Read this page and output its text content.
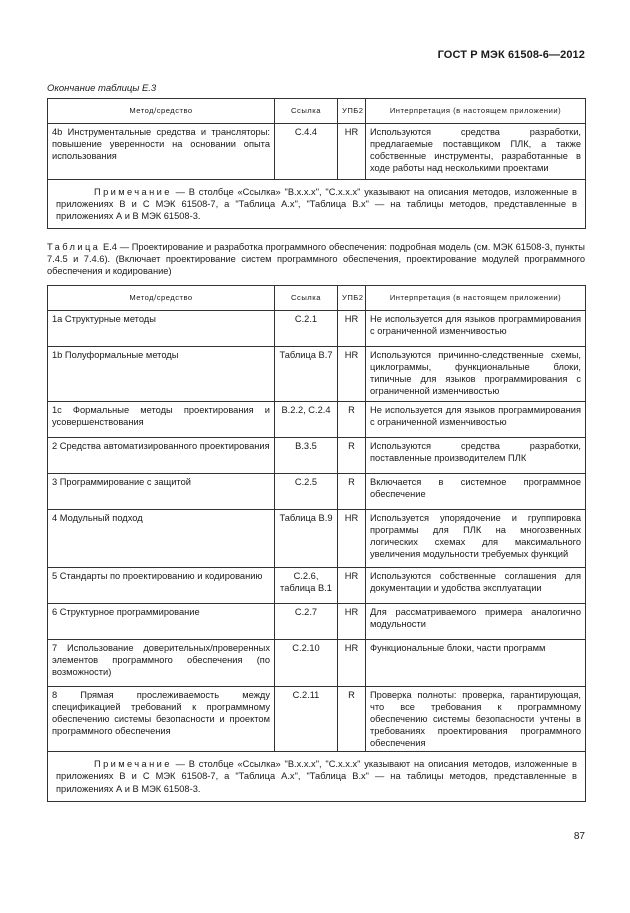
ГОСТ Р МЭК 61508-6—2012
Окончание таблицы Е.3
Метод/средство	Ссылка	УПБ2	Интерпретация (в настоящем приложении)
4b Инструментальные средства и трансляторы: повышение уверенности на основании опыта использования	С.4.4	HR	Используются средства разработки, предлагаемые поставщиком ПЛК, а также собственные инструменты, разработанные в ходе работы над несколькими проектами
Примечание — В столбце «Ссылка» "В.x.x.x", "С.x.x.x" указывают на описания методов, изложенные в приложениях В и С МЭК 61508-7, а "Таблица А.x", "Таблица В.x" — на таблицы методов, представленные в приложениях А и В МЭК 61508-3.			
Таблица Е.4 — Проектирование и разработка программного обеспечения: подробная модель (см. МЭК 61508-3, пункты 7.4.5 и 7.4.6). (Включает проектирование систем программного обеспечения, проектирование модулей программного обеспечения и кодирование)
Метод/средство	Ссылка	УПБ2	Интерпретация (в настоящем приложении)
1а Структурные методы	С.2.1	HR	Не используется для языков программирования с ограниченной изменчивостью
1b Полуформальные методы	Таблица В.7	HR	Используются причинно-следственные схемы, циклограммы, функциональные блоки, типичные для языков программирования с ограниченной изменчивостью
1с Формальные методы проектирования и усовершенствования	В.2.2, С.2.4	R	Не используется для языков программирования с ограниченной изменчивостью
2 Средства автоматизированного проектирования	В.3.5	R	Используются средства разработки, поставленные производителем ПЛК
3 Программирование с защитой	С.2.5	R	Включается в системное программное обеспечение
4 Модульный подход	Таблица В.9	HR	Используется упорядочение и группировка программы для ПЛК на многозвенных логических схемах для максимального увеличения модульности требуемых функций
5 Стандарты по проектированию и кодированию	С.2.6, таблица В.1	HR	Используются собственные соглашения для документации и удобства эксплуатации
6 Структурное программирование	С.2.7	HR	Для рассматриваемого примера аналогично модульности
7 Использование доверительных/проверенных элементов программного обеспечения (по возможности)	С.2.10	HR	Функциональные блоки, части программ
8 Прямая прослеживаемость между спецификацией требований к программному обеспечению системы безопасности и проектом программного обеспечения	С.2.11	R	Проверка полноты: проверка, гарантирующая, что все требования к программному обеспечению системы безопасности учтены в требованиях проектирования программного обеспечения
Примечание — В столбце «Ссылка» "В.x.x.x", "С.x.x.x" указывают на описания методов, изложенные в приложениях В и С МЭК 61508-7, а "Таблица А.x", "Таблица В.x" — на таблицы методов, представленные в приложениях А и В МЭК 61508-3.			
87
